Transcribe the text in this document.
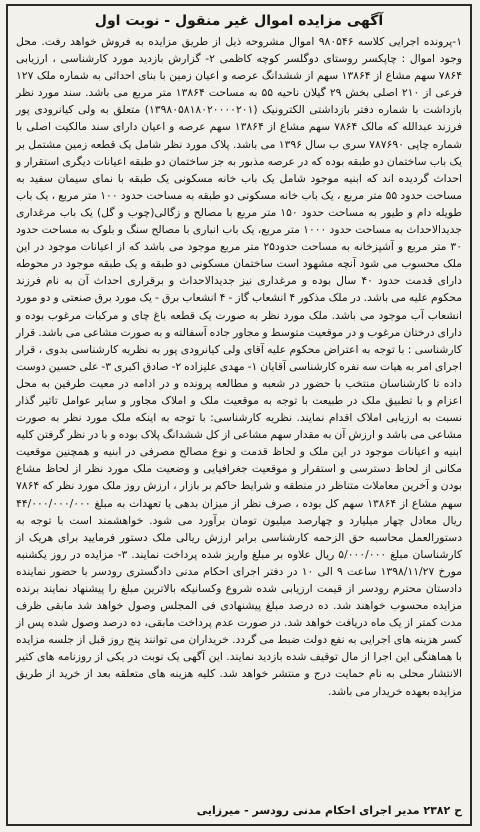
آگهی مزایده اموال غیر منقول - نوبت اول

۱-پرونده اجرایی کلاسه ۹۸۰۵۴۶ اموال مشروحه ذیل از طریق مزایده به فروش خواهد رفت. محل وجود اموال : چاپکسر روستای دوگلسر کوچه کاظمی ۲- گزارش بازدید مورد کارشناسی ، ارزیابی ۷۸۶۴ سهم مشاع از ۱۳۸۶۴ سهم از ششدانگ عرصه و اعیان زمین با بنای احداثی به شماره ملک ۱۲۷ فرعی از ۲۱۰ اصلی بخش ۲۹ گیلان ناحیه ۵۵ به مساحت ۱۳۸۶۴ متر مربع می باشد. سند مورد نظر بازداشت با شماره دفتر بازداشتی الکترونیک (۱۳۹۸۰۵۸۱۸۰۲۰۰۰۰۲۰۱) متعلق به ولی کیانرودی پور فرزند عبدالله که مالک ۷۸۶۴ سهم مشاع از ۱۳۸۶۴ سهم عرصه و اعیان دارای سند مالکیت اصلی با شماره چاپی ۷۸۷۶۹۰ سری ب سال ۱۳۹۶ می باشد. پلاک مورد نظر شامل یک قطعه زمین مشتمل بر یک باب ساختمان دو طبقه بوده که در عرصه مذبور به جز ساختمان دو طبقه اعیانات دیگری استقرار و احداث گردیده اند که ابنیه موجود شامل یک باب خانه مسکونی یک طبقه با نمای سیمان سفید به مساحت حدود ۵۵ متر مربع ، یک باب خانه مسکونی دو طبقه به مساحت حدود ۱۰۰ متر مربع ، یک باب طویله دام و طیور به مساحت حدود ۱۵۰ متر مربع با مصالح و زگالی(چوب و گل) یک باب مرغداری جدیدالاحداث به مساحت حدود ۱۰۰۰ متر مربع، یک باب انباری با مصالح سنگ و بلوک به مساحت حدود ۳۰ متر مربع و آشپزخانه به مساحت حدود۲۵ متر مربع موجود می باشد که از اعیانات موجود در این ملک محسوب می شود آنچه مشهود است ساختمان مسکونی دو طبقه و یک طبقه موجود در محوطه دارای قدمت حدود ۴۰ سال بوده و مرغداری نیز جدیدالاحداث و برقراری احداث آن به نام فرزند محکوم علیه می باشد. در ملک مذکور ۴ انشعاب گاز - ۴ انشعاب برق - یک مورد برق صنعتی و دو مورد انشعاب آب موجود می باشد. ملک مورد نظر به صورت یک قطعه باغ چای و مرکبات مرغوب بوده و دارای درختان مرغوب و در موقعیت متوسط و مجاور جاده آسفالته و به صورت مشاعی می باشد. قرار کارشناسی : با توجه به اعتراض محکوم علیه آقای ولی کیانرودی پور به نظریه کارشناسی بدوی ، قرار اجرای امر به هیات سه نفره کارشناسی آقایان ۱- مهدی علیزاده ۲- صادق اکبری ۳- علی حسین دوست داده تا کارشناسان منتخب با حضور در شعبه و مطالعه پرونده و در ادامه در معیت طرفین به محل اعزام و با تطبیق ملک در طبیعت با توجه به موقعیت ملک و املاک مجاور و سایر عوامل تاثیر گذار نسبت به ارزیابی املاک اقدام نمایند. نظریه کارشناسی: با توجه به اینکه ملک مورد نظر به صورت مشاعی می باشد و ارزش آن به مقدار سهم مشاعی از کل ششدانگ پلاک بوده و با در نظر گرفتن کلیه ابنیه و اعیانات موجود در این ملک و لحاظ قدمت و نوع مصالح مصرفی در ابنیه و همچنین موقعیت مکانی از لحاظ دسترسی و استقرار و موقعیت جغرافیایی و وضعیت ملک مورد نظر از لحاظ مشاع بودن و آخرین معاملات متناظر در منطقه و شرایط حاکم بر بازار ، ارزش روز ملک مورد نظر که ۷۸۶۴ سهم مشاع از ۱۳۸۶۴ سهم کل بوده ، صرف نظر از میزان بدهی یا تعهدات به مبلغ ۴۴/۰۰۰/۰۰۰/۰۰۰ ریال معادل چهار میلیارد و چهارصد میلیون تومان برآورد می شود. خواهشمند است با توجه به دستورالعمل محاسبه حق الزحمه کارشناسی برابر ارزش ریالی ملک دستور فرمایید برای هریک از کارشناسان مبلغ ۵/۰۰۰/۰۰۰ ریال علاوه بر مبلغ واریز شده پرداخت نمایند. ۳- مزایده در روز یکشنبه مورخ ۱۳۹۸/۱۱/۲۷ ساعت ۹ الی ۱۰ در دفتر اجرای احکام مدنی دادگستری رودسر با حضور نماینده دادستان محترم رودسر از قیمت ارزیابی شده شروع وکسانیکه بالاترین مبلغ را پیشنهاد نمایند برنده مزایده محسوب خواهند شد. ده درصد مبلغ پیشنهادی فی المجلس وصول خواهد شد مابقی ظرف مدت کمتر از یک ماه دریافت خواهد شد. در صورت عدم پرداخت مابقی، ده درصد وصول شده پس از کسر هزینه های اجرایی به نفع دولت ضبط می گردد. خریداران می توانند پنج روز قبل از جلسه مزایده با هماهنگی این اجرا از مال توقیف شده بازدید نمایند. این آگهی یک نوبت در یکی از روزنامه های کثیر الانتشار محلی به نام حمایت درج و منتشر خواهد شد. کلیه هزینه های متعلقه بعد از خرید از طریق مزایده بعهده خریدار می باشد.

ح ۲۳۸۲ مدیر اجرای احکام مدنی رودسر - میرزایی
